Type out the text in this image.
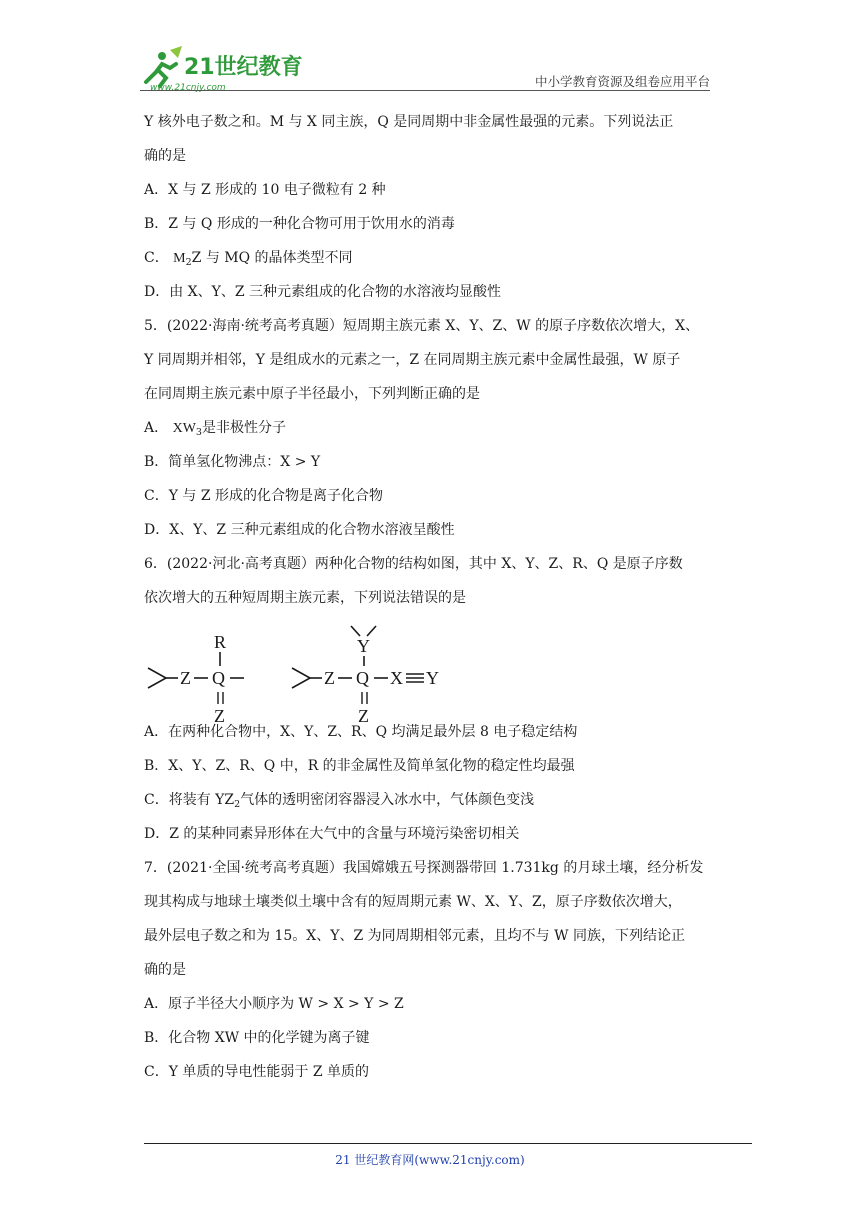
21世纪教育
www.21cnjy.com	中小学教育资源及组卷应用平台
Y 核外电子数之和。M 与 X 同主族，Q 是同周期中非金属性最强的元素。下列说法正
确的是
A．X 与 Z 形成的 10 电子微粒有 2 种
B．Z 与 Q 形成的一种化合物可用于饮用水的消毒
C． $M_2Z$ 与 MQ 的晶体类型不同
D．由 X、Y、Z 三种元素组成的化合物的水溶液均显酸性
5．(2022·海南·统考高考真题）短周期主族元素 X、Y、Z、W 的原子序数依次增大，X、
Y 同周期并相邻，Y 是组成水的元素之一，Z 在同周期主族元素中金属性最强，W 原子
在同周期主族元素中原子半径最小，下列判断正确的是
A． $XW_3$是非极性分子
B．简单氢化物沸点：X > Y
C．Y 与 Z 形成的化合物是离子化合物
D．X、Y、Z 三种元素组成的化合物水溶液呈酸性
6．(2022·河北·高考真题）两种化合物的结构如图，其中 X、Y、Z、R、Q 是原子序数
依次增大的五种短周期主族元素，下列说法错误的是
Z Q
R
Z
Z Q
Y
X Y
Z
A．在两种化合物中，X、Y、Z、R、Q 均满足最外层 8 电子稳定结构
B．X、Y、Z、R、Q 中，R 的非金属性及简单氢化物的稳定性均最强
C．将装有 $YZ_2$气体的透明密闭容器浸入冰水中，气体颜色变浅
D．Z 的某种同素异形体在大气中的含量与环境污染密切相关
7．(2021·全国·统考高考真题）我国嫦娥五号探测器带回 1.731kg 的月球土壤，经分析发
现其构成与地球土壤类似土壤中含有的短周期元素 W、X、Y、Z，原子序数依次增大，
最外层电子数之和为 15。X、Y、Z 为同周期相邻元素，且均不与 W 同族，下列结论正
确的是
A．原子半径大小顺序为 W > X > Y > Z
B．化合物 XW 中的化学键为离子键
C．Y 单质的导电性能弱于 Z 单质的
21 世纪教育网(www.21cnjy.com)
